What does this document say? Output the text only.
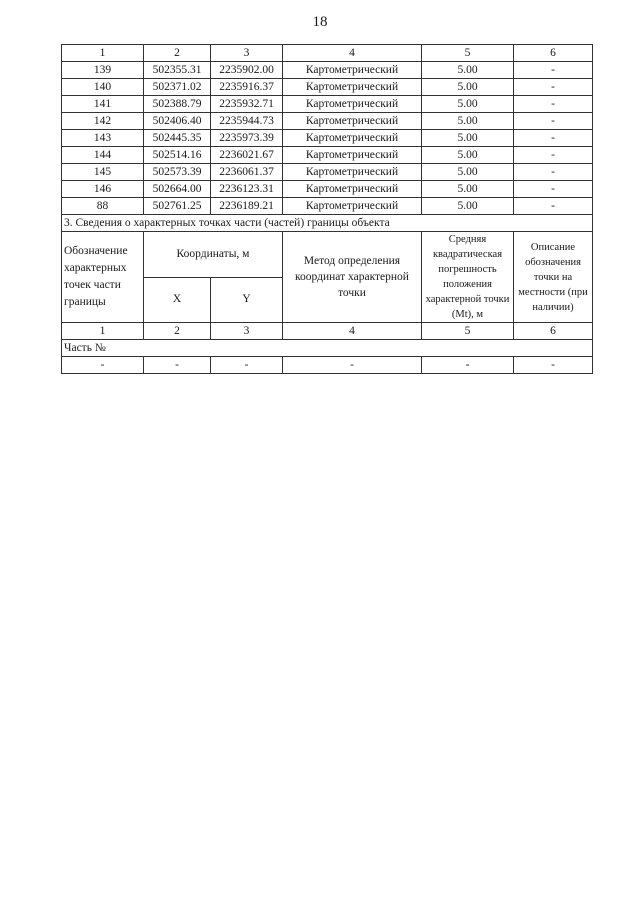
18
1	2	3	4	5	6
139	502355.31	2235902.00	Картометрический	5.00	-
140	502371.02	2235916.37	Картометрический	5.00	-
141	502388.79	2235932.71	Картометрический	5.00	-
142	502406.40	2235944.73	Картометрический	5.00	-
143	502445.35	2235973.39	Картометрический	5.00	-
144	502514.16	2236021.67	Картометрический	5.00	-
145	502573.39	2236061.37	Картометрический	5.00	-
146	502664.00	2236123.31	Картометрический	5.00	-
88	502761.25	2236189.21	Картометрический	5.00	-
3. Сведения о характерных точках части (частей) границы объекта					
Обозначение характерных точек части границы	Координаты, м		Метод определения координат характерной точки	Средняя квадратическая погрешность положения характерной точки (Mt), м	Описание обозначения точки на местности (при наличии)
	X	Y			
1	2	3	4	5	6
Часть №					
-	-	-	-	-	-
